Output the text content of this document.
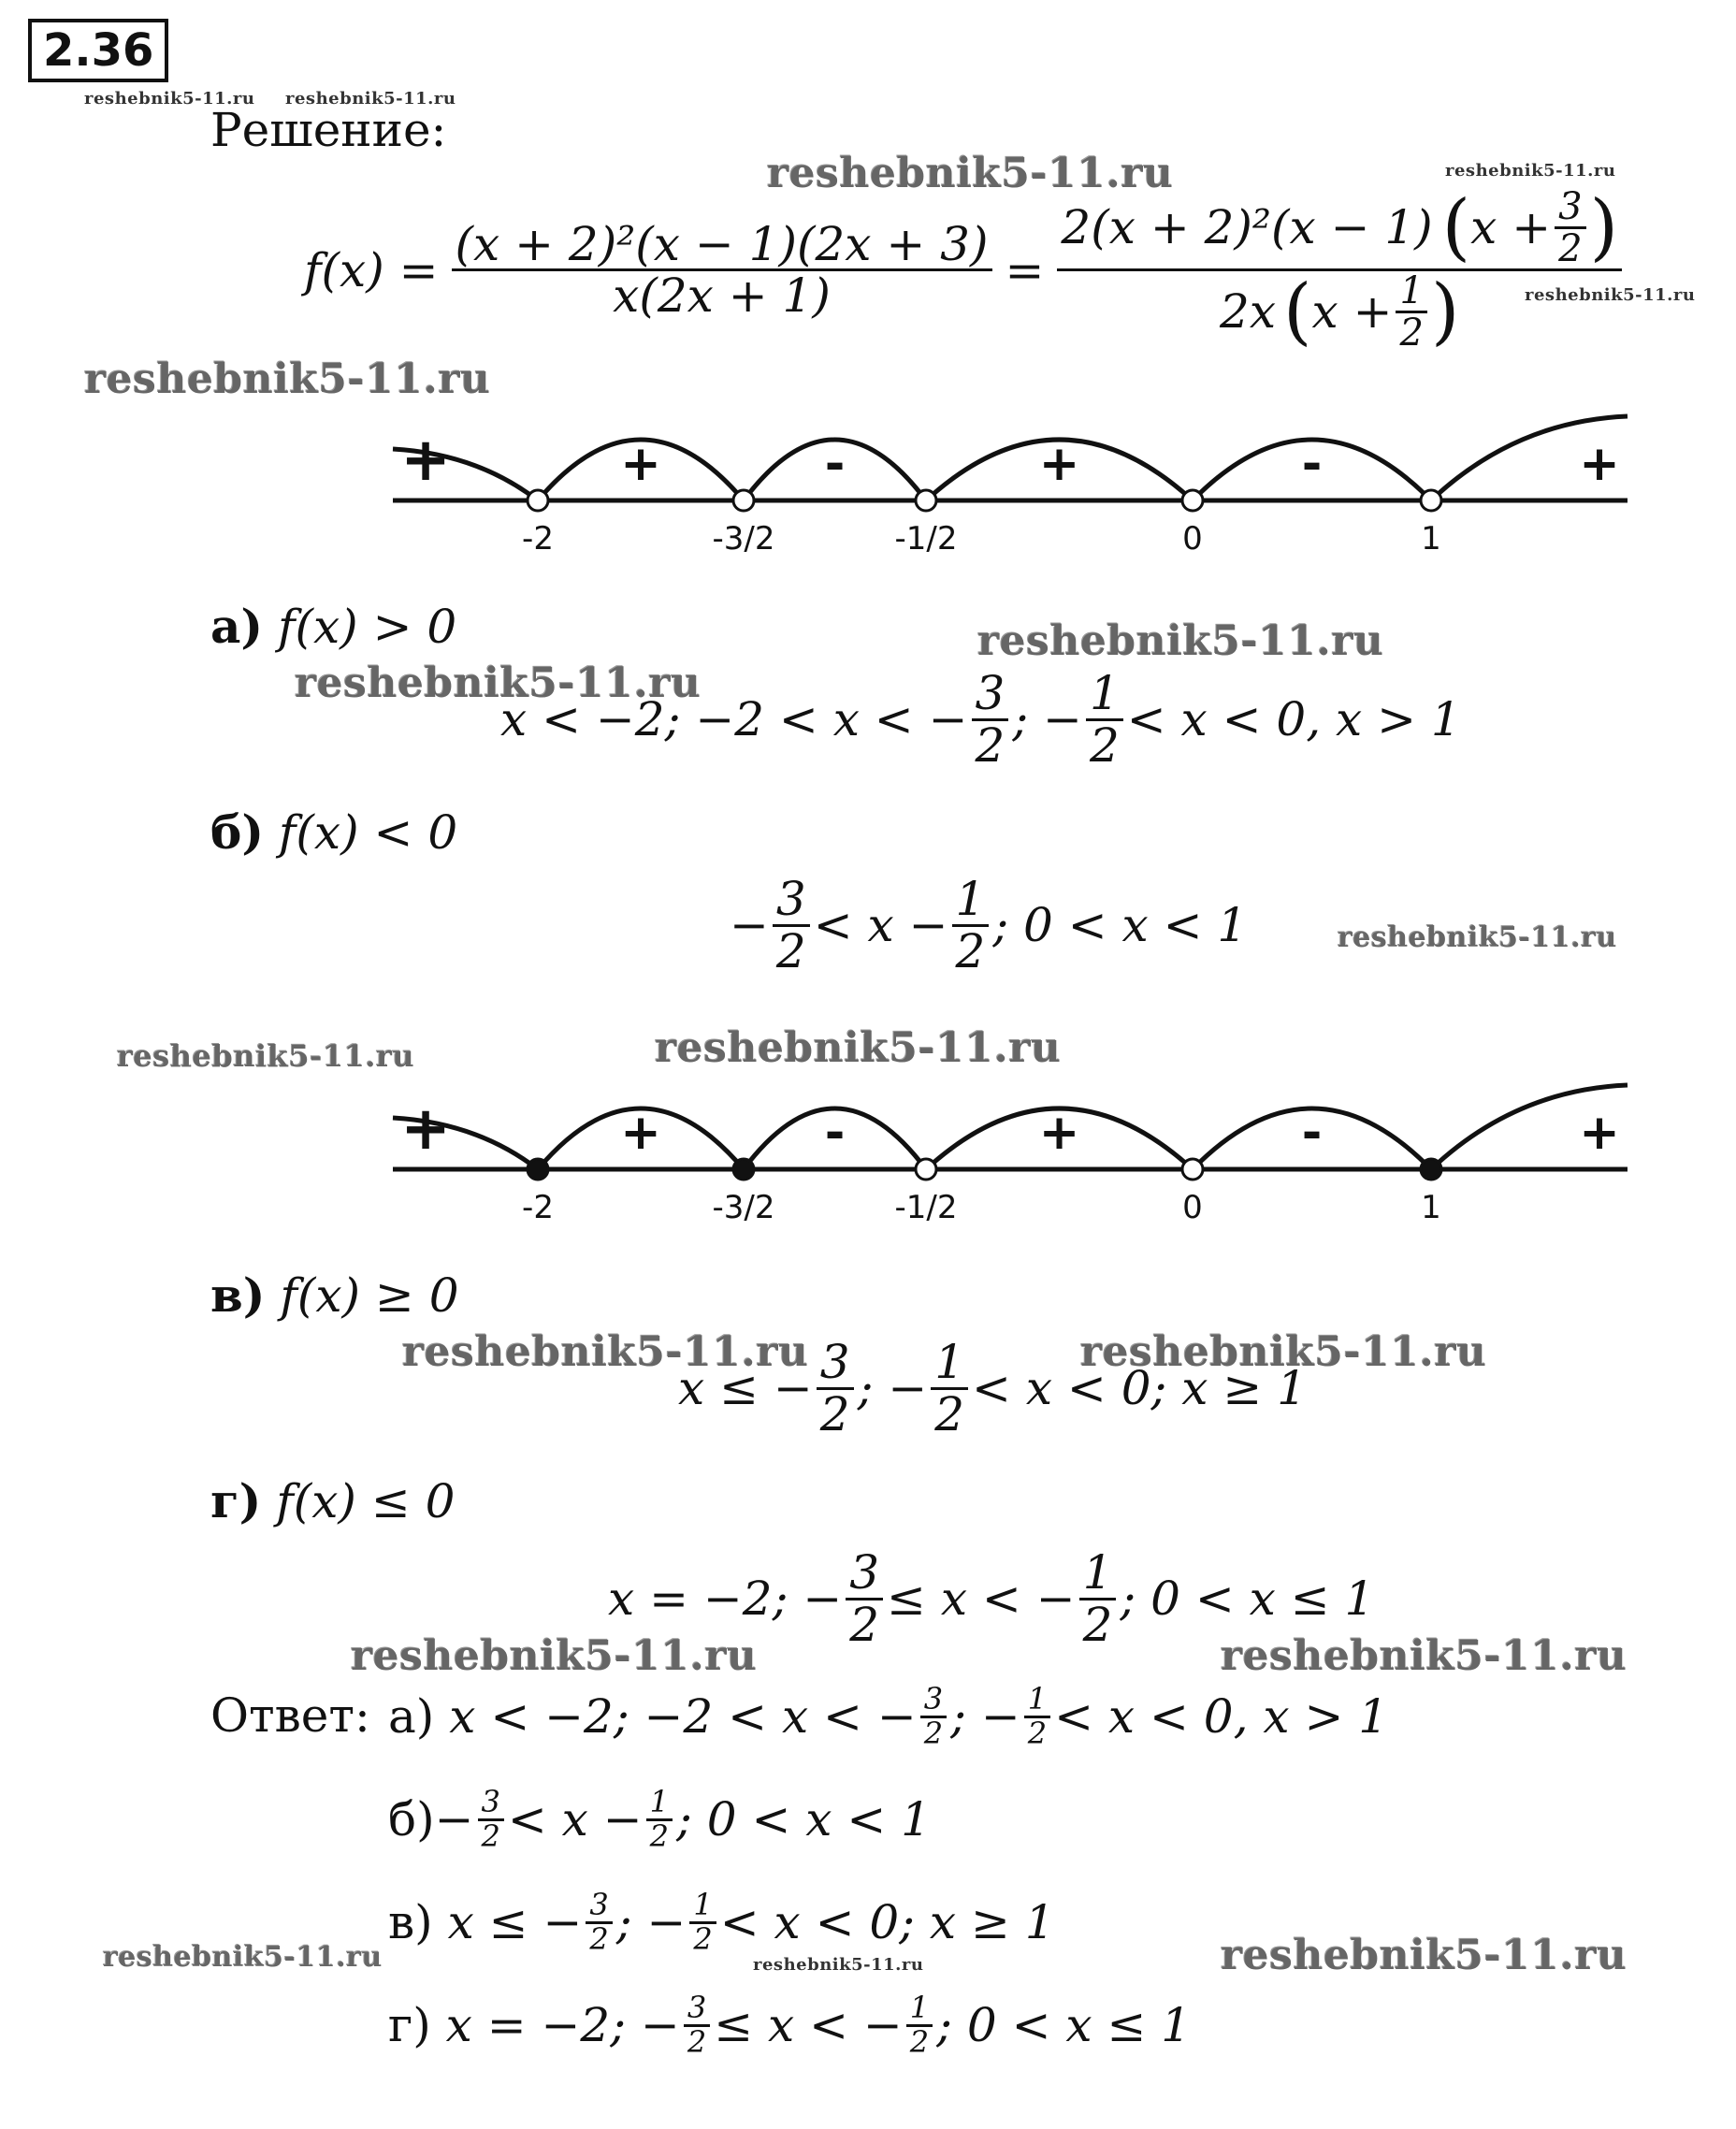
2.36
reshebnik5-11.ru reshebnik5-11.ru
Решение:
reshebnik5-11.ru	reshebnik5-11.ru
$f(x) = \frac{\text{(x + 2)²(x − 1)(2x + 3)}}{x(2x + 1)}$ =
2(x + 2)²(x − 1) ( $x + \frac{3}{2}$ )
2x ( $x + \frac{1}{2}$ )	reshebnik5-11.ru
reshebnik5-11.ru
+	+	-	+	-	+
-2	-3/2	-1/2	0	1
а) f(x) > 0	reshebnik5-11.ru
reshebnik5-11.ru
x < −2; −2 < x < − $\frac{3}{2}$ ; − $\frac{1}{2} < x < 0$, x > 1
б) f(x) < 0
− $\frac{3}{2} < x - \frac{1}{2}$ ; 0 < x < 1	reshebnik5-11.ru
reshebnik5-11.ru	reshebnik5-11.ru
+	+	-	+	-	+
-2	-3/2	-1/2	0	1
в) f(x) ≥ 0
reshebnik5-11.ru	reshebnik5-11.ru
x ≤ − $\frac{3}{2}$ ; − $\frac{1}{2} < x < 0$; x ≥ 1
г) f(x) ≤ 0
x = −2; − $\frac{3}{2} \le x$ < − $\frac{1}{2}$ ; 0 < x ≤ 1
reshebnik5-11.ru	reshebnik5-11.ru
Ответ: а)
x < −2; −2 < x < − $\frac{3}{2}$ ; − $\frac{1}{2} < x < 0$, x > 1
$б) - \frac{3}{2} < x - \frac{1}{2}$ ; 0 < x < 1
reshebnik5-11.ru
в)
x ≤ − $\frac{3}{2}$ ; − $\frac{1}{2} < x < 0$; x ≥ 1
reshebnik5-11.ru	reshebnik5-11.ru
г)
x = −2; − $\frac{3}{2} \le x$ < − $\frac{1}{2}$ ; 0 < x ≤ 1
